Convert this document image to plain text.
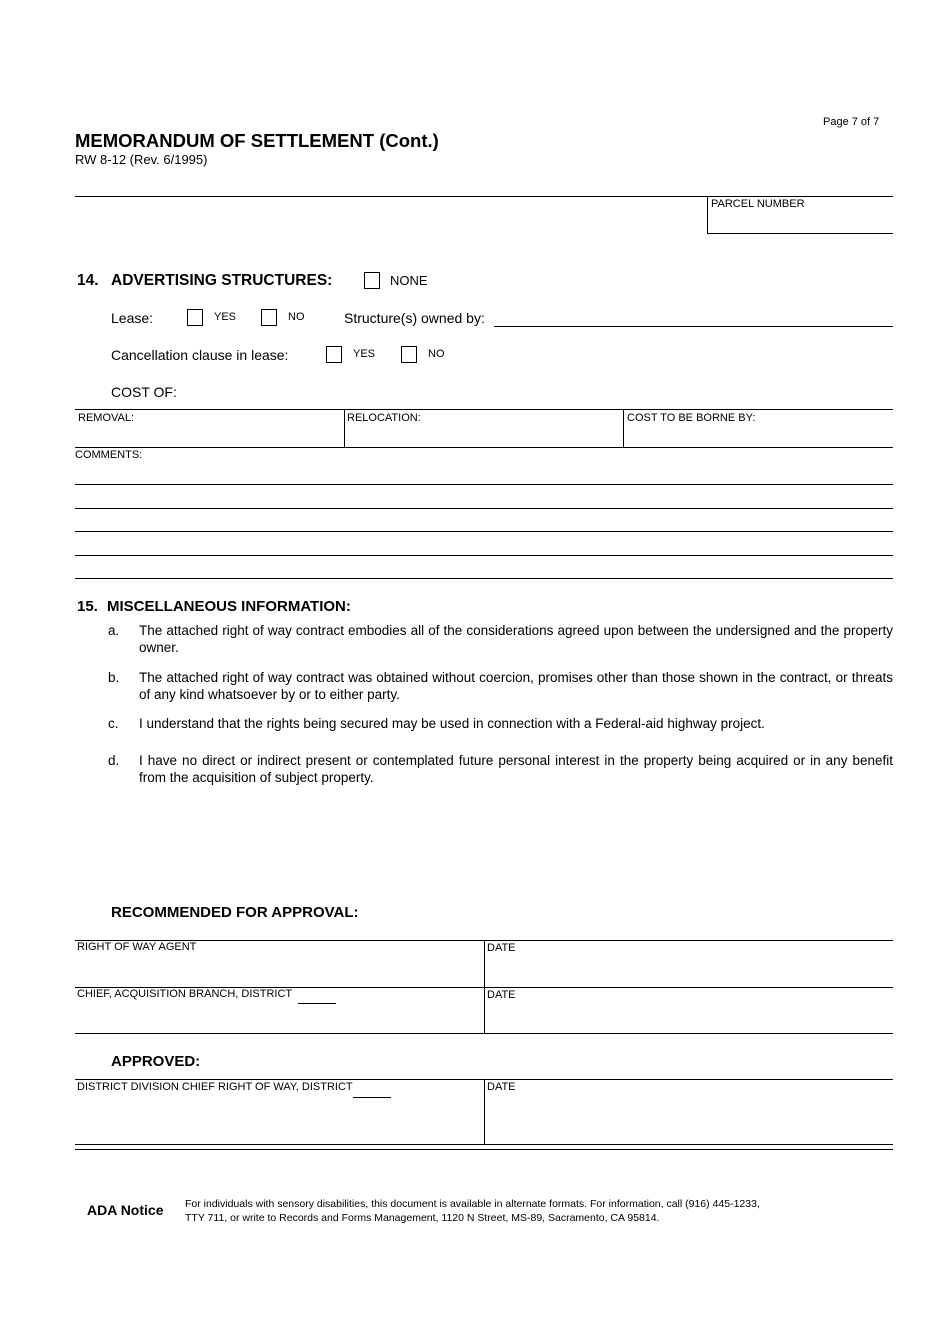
Page 7 of 7
MEMORANDUM OF SETTLEMENT (Cont.)
RW 8-12 (Rev. 6/1995)
PARCEL NUMBER
14. ADVERTISING STRUCTURES:	NONE
Lease:	YES	NO	Structure(s) owned by:
Cancellation clause in lease:	YES	NO
COST OF:
REMOVAL:	RELOCATION:	COST TO BE BORNE BY:
COMMENTS:
15. MISCELLANEOUS INFORMATION:
a.	The attached right of way contract embodies all of the considerations agreed upon between the undersigned and the property owner.
b.	The attached right of way contract was obtained without coercion, promises other than those shown in the contract, or threats of any kind whatsoever by or to either party.
c.	I understand that the rights being secured may be used in connection with a Federal-aid highway project.
d.	I have no direct or indirect present or contemplated future personal interest in the property being acquired or in any benefit from the acquisition of subject property.
RECOMMENDED FOR APPROVAL:
RIGHT OF WAY AGENT	DATE
CHIEF, ACQUISITION BRANCH, DISTRICT	DATE
APPROVED:
DISTRICT DIVISION CHIEF RIGHT OF WAY, DISTRICT	DATE
ADA Notice For individuals with sensory disabilities, this document is available in alternate formats. For information, call (916) 445-1233,
TTY 711, or write to Records and Forms Management, 1120 N Street, MS-89, Sacramento, CA 95814.
